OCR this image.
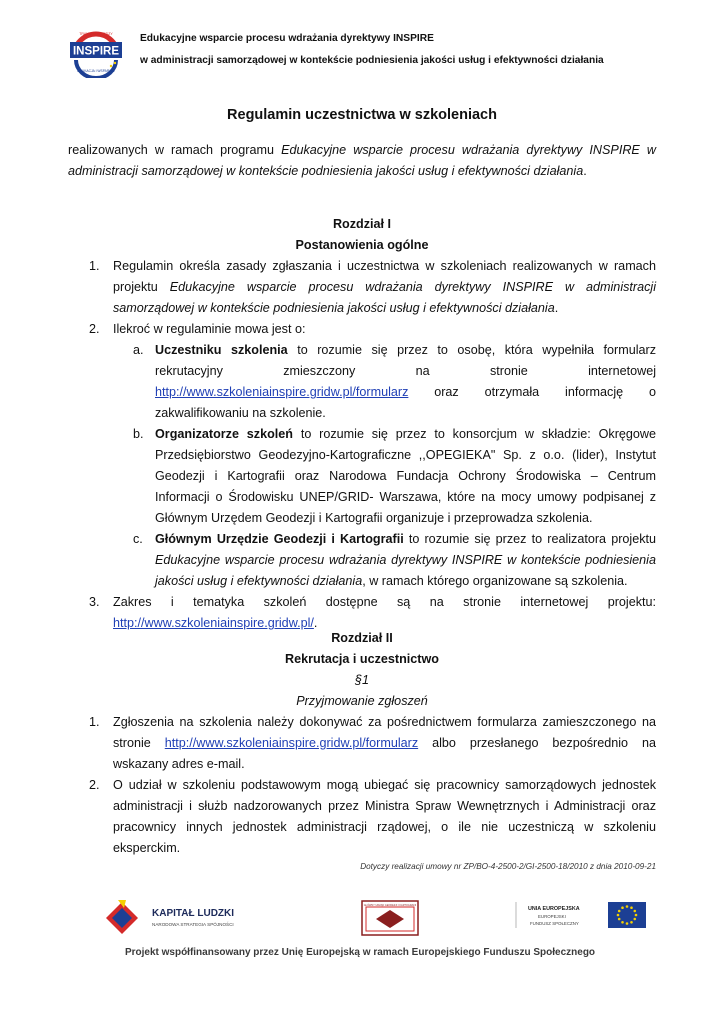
INSPIRE
TRANSFER WIEDZY
EDUKACJA I WSPARCIE
Edukacyjne wsparcie procesu wdrażania dyrektywy INSPIRE
w administracji samorządowej w kontekście podniesienia jakości usług i efektywności działania
Regulamin uczestnictwa w szkoleniach
realizowanych w ramach programu Edukacyjne wsparcie procesu wdrażania dyrektywy INSPIRE w administracji samorządowej w kontekście podniesienia jakości usług i efektywności działania.
Rozdział I
Postanowienia ogólne
1. Regulamin określa zasady zgłaszania i uczestnictwa w szkoleniach realizowanych w ramach projektu Edukacyjne wsparcie procesu wdrażania dyrektywy INSPIRE w administracji samorządowej w kontekście podniesienia jakości usług i efektywności działania.
2. Ilekroć w regulaminie mowa jest o:
a. Uczestniku szkolenia to rozumie się przez to osobę, która wypełniła formularz rekrutacyjny zmieszczony na stronie internetowej http://www.szkoleniainspire.gridw.pl/formularz oraz otrzymała informację o zakwalifikowaniu na szkolenie.
b. Organizatorze szkoleń to rozumie się przez to konsorcjum w składzie: Okręgowe Przedsiębiorstwo Geodezyjno-Kartograficzne ,,OPEGIEKA" Sp. z o.o. (lider), Instytut Geodezji i Kartografii oraz Narodowa Fundacja Ochrony Środowiska – Centrum Informacji o Środowisku UNEP/GRID- Warszawa, które na mocy umowy podpisanej z Głównym Urzędem Geodezji i Kartografii organizuje i przeprowadza szkolenia.
c. Głównym Urzędzie Geodezji i Kartografii to rozumie się przez to realizatora projektu Edukacyjne wsparcie procesu wdrażania dyrektywy INSPIRE w kontekście podniesienia jakości usług i efektywności działania, w ramach którego organizowane są szkolenia.
3. Zakres i tematyka szkoleń dostępne są na stronie internetowej projektu: http://www.szkoleniainspire.gridw.pl/.
Rozdział II
Rekrutacja i uczestnictwo
§1
Przyjmowanie zgłoszeń
1. Zgłoszenia na szkolenia należy dokonywać za pośrednictwem formularza zamieszczonego na stronie http://www.szkoleniainspire.gridw.pl/formularz albo przesłanego bezpośrednio na wskazany adres e-mail.
2. O udział w szkoleniu podstawowym mogą ubiegać się pracownicy samorządowych jednostek administracji i służb nadzorowanych przez Ministra Spraw Wewnętrznych i Administracji oraz pracownicy innych jednostek administracji rządowej, o ile nie uczestniczą w szkoleniu eksperckim.
Dotyczy realizacji umowy nr ZP/BO-4-2500-2/GI-2500-18/2010 z dnia 2010-09-21
KAPITAŁ LUDZKI
NARODOWA STRATEGIA SPÓJNOŚCI
GŁÓWNY URZĄD GEODEZJI I KARTOGRAFII
UNIA EUROPEJSKA
EUROPEJSKI
FUNDUSZ SPOŁECZNY
Projekt współfinansowany przez Unię Europejską w ramach Europejskiego Funduszu Społecznego
